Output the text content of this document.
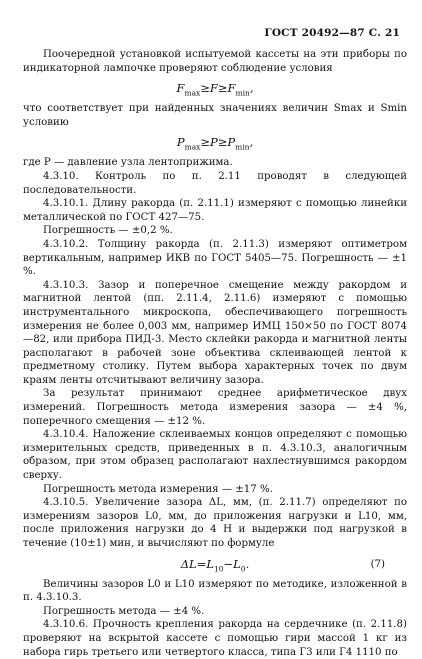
ГОСТ 20492—87 С. 21

Поочередной установкой испытуемой кассеты на эти приборы по индикаторной лампочке проверяют соблюдение условия

$F_{max}\ge F\ge F_{min}$,

что соответствует при найденных значениях величин Smax и Smin условию

$P_{max}\ge P\ge P_{min}$,

где P — давление узла лентоприжима.

4.3.10. Контроль по п. 2.11 проводят в следующей последовательности.

4.3.10.1. Длину ракорда (п. 2.11.1) измеряют с помощью линейки металлической по ГОСТ 427—75.

Погрешность — ±0,2 %.

4.3.10.2. Толщину ракорда (п. 2.11.3) измеряют оптиметром вертикальным, например ИКВ по ГОСТ 5405—75. Погрешность — ±1 %.

4.3.10.3. Зазор и поперечное смещение между ракордом и магнитной лентой (пп. 2.11.4, 2.11.6) измеряют с помощью инструментального микроскопа, обеспечивающего погрешность измерения не более 0,003 мм, например ИМЦ 150×50 по ГОСТ 8074—82, или прибора ПИД-3. Место склейки ракорда и магнитной ленты располагают в рабочей зоне объектива склеивающей лентой к предметному столику. Путем выбора характерных точек по двум краям ленты отсчитывают величину зазора.

За результат принимают среднее арифметическое двух измерений. Погрешность метода измерения зазора — ±4 %, поперечного смещения — ±12 %.

4.3.10.4. Наложение склеиваемых концов определяют с помощью измерительных средств, приведенных в п. 4.3.10.3, аналогичным образом, при этом образец располагают нахлестнувшимся ракордом сверху.

Погрешность метода измерения — ±17 %.

4.3.10.5. Увеличение зазора ΔL, мм, (п. 2.11.7) определяют по измерениям зазоров L0, мм, до приложения нагрузки и L10, мм, после приложения нагрузки до 4 Н и выдержки под нагрузкой в течение (10±1) мин, и вычисляют по формуле

$\Delta L=L_{10}-L_0$.	(7)

Величины зазоров L0 и L10 измеряют по методике, изложенной в п. 4.3.10.3.

Погрешность метода — ±4 %.

4.3.10.6. Прочность крепления ракорда на сердечнике (п. 2.11.8) проверяют на вскрытой кассете с помощью гири массой 1 кг из набора гирь третьего или четвертого класса, типа Г3 или Г4 1110 по
